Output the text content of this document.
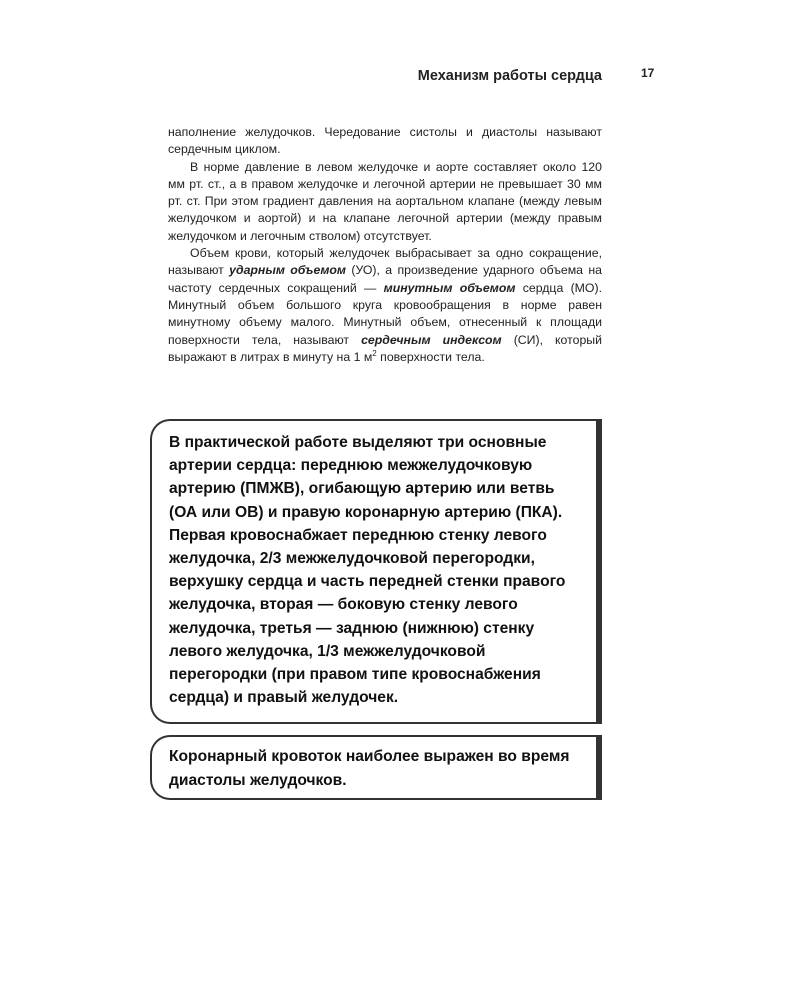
Механизм работы сердца	17

наполнение желудочков. Чередование систолы и диастолы называют сердечным циклом.

В норме давление в левом желудочке и аорте составляет около 120 мм рт. ст., а в правом желудочке и легочной артерии не превышает 30 мм рт. ст. При этом градиент давления на аортальном клапане (между левым желудочком и аортой) и на клапане легочной артерии (между правым желудочком и легочным стволом) отсутствует.

Объем крови, который желудочек выбрасывает за одно сокращение, называют ударным объемом (УО), а произведение ударного объема на частоту сердечных сокращений — минутным объемом сердца (МО). Минутный объем большого круга кровообращения в норме равен минутному объему малого. Минутный объем, отнесенный к площади поверхности тела, называют сердечным индексом (СИ), который выражают в литрах в минуту на 1 $м^2$ поверхности тела.

В практической работе выделяют три основные артерии сердца: переднюю межжелудочковую артерию (ПМЖВ), огибающую артерию или ветвь (ОА или ОВ) и правую коронарную артерию (ПКА). Первая кровоснабжает переднюю стенку левого желудочка, 2/3 межжелудочковой перегородки, верхушку сердца и часть передней стенки правого желудочка, вторая — боковую стенку левого желудочка, третья — заднюю (нижнюю) стенку левого желудочка, 1/3 межжелудочковой перегородки (при правом типе кровоснабжения сердца) и правый желудочек.

Коронарный кровоток наиболее выражен во время диастолы желудочков.
